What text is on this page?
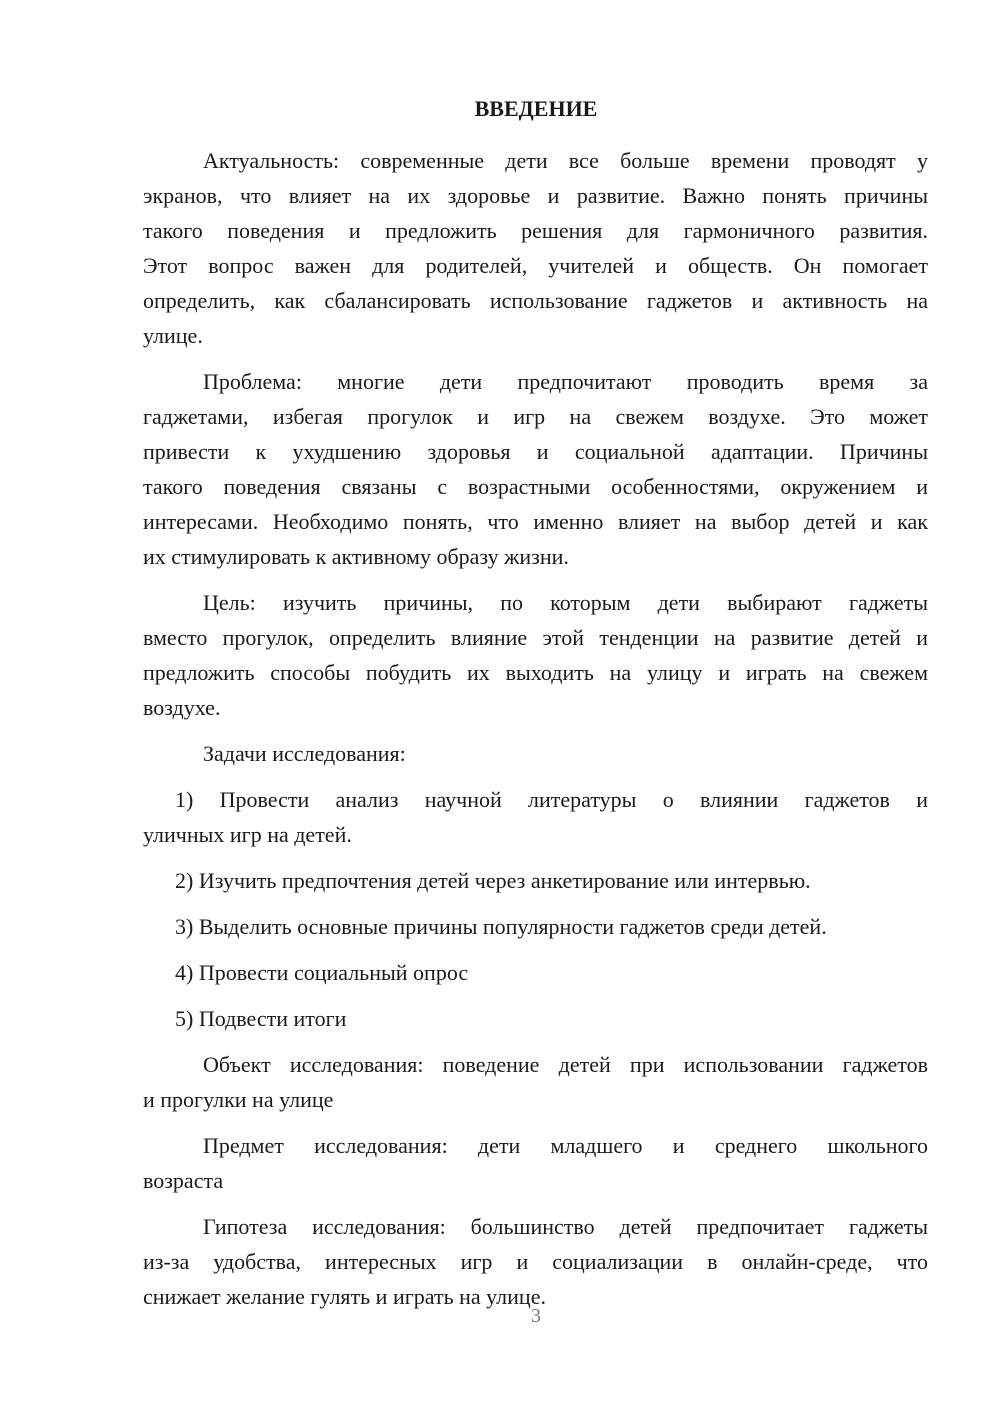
ВВЕДЕНИЕ
Актуальность: современные дети все больше времени проводят у
экранов, что влияет на их здоровье и развитие. Важно понять причины
такого поведения и предложить решения для гармоничного развития.
Этот вопрос важен для родителей, учителей и обществ. Он помогает
определить, как сбалансировать использование гаджетов и активность на
улице.
Проблема: многие дети предпочитают проводить время за
гаджетами, избегая прогулок и игр на свежем воздухе. Это может
привести к ухудшению здоровья и социальной адаптации. Причины
такого поведения связаны с возрастными особенностями, окружением и
интересами. Необходимо понять, что именно влияет на выбор детей и как
их стимулировать к активному образу жизни.
Цель: изучить причины, по которым дети выбирают гаджеты
вместо прогулок, определить влияние этой тенденции на развитие детей и
предложить способы побудить их выходить на улицу и играть на свежем
воздухе.
Задачи исследования:
1) Провести анализ научной литературы о влиянии гаджетов и
уличных игр на детей.
2) Изучить предпочтения детей через анкетирование или интервью.
3) Выделить основные причины популярности гаджетов среди детей.
4) Провести социальный опрос
5) Подвести итоги
Объект исследования: поведение детей при использовании гаджетов
и прогулки на улице
Предмет исследования: дети младшего и среднего школьного
возраста
Гипотеза исследования: большинство детей предпочитает гаджеты
из-за удобства, интересных игр и социализации в онлайн-среде, что
снижает желание гулять и играть на улице.
3
